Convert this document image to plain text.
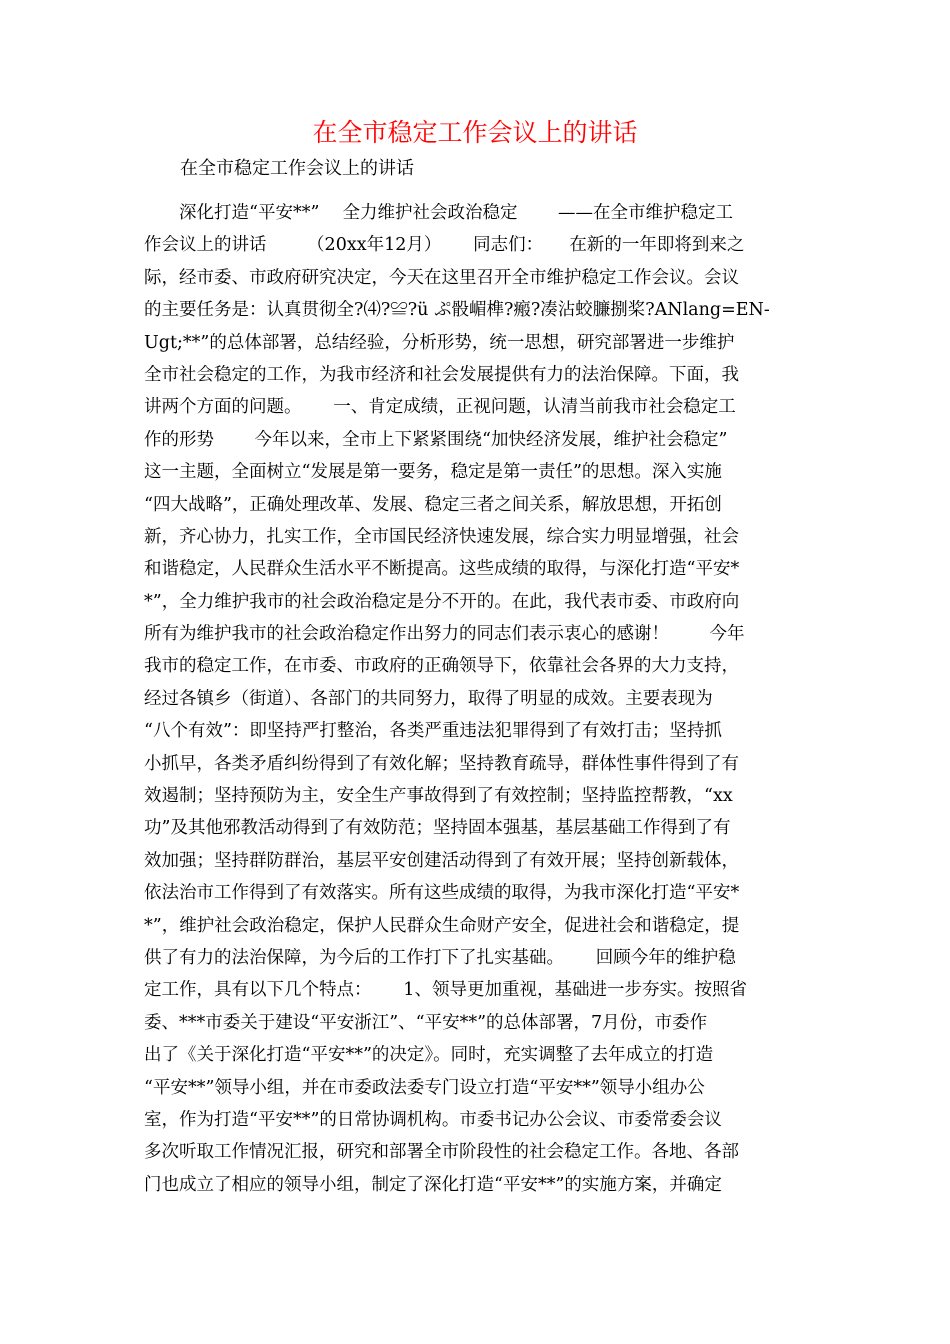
在全市稳定工作会议上的讲话
在全市稳定工作会议上的讲话
　　深化打造“平安**”　 全力维护社会政治稳定　　 ——在全市维护稳定工
作会议上的讲话　　 （20xx年12月）　　 同志们：　　在新的一年即将到来之
际，经市委、市政府研究决定，今天在这里召开全市维护稳定工作会议。会议
的主要任务是：认真贯彻全?⑷?≌?ü ぷ骰嵋榫?瘢?凑沾蛟臁捌桨?ANlang=EN-
Ugt;**”的总体部署，总结经验，分析形势，统一思想，研究部署进一步维护
全市社会稳定的工作，为我市经济和社会发展提供有力的法治保障。下面，我
讲两个方面的问题。　　 一、肯定成绩，正视问题，认清当前我市社会稳定工
作的形势　　 今年以来，全市上下紧紧围绕“加快经济发展，维护社会稳定”
这一主题，全面树立“发展是第一要务，稳定是第一责任”的思想。深入实施
“四大战略”，正确处理改革、发展、稳定三者之间关系，解放思想，开拓创
新，齐心协力，扎实工作，全市国民经济快速发展，综合实力明显增强，社会
和谐稳定，人民群众生活水平不断提高。这些成绩的取得，与深化打造“平安*
*”，全力维护我市的社会政治稳定是分不开的。在此，我代表市委、市政府向
所有为维护我市的社会政治稳定作出努力的同志们表示衷心的感谢！　　 今年
我市的稳定工作，在市委、市政府的正确领导下，依靠社会各界的大力支持，
经过各镇乡（街道）、各部门的共同努力，取得了明显的成效。主要表现为
“八个有效”：即坚持严打整治，各类严重违法犯罪得到了有效打击；坚持抓
小抓早，各类矛盾纠纷得到了有效化解；坚持教育疏导，群体性事件得到了有
效遏制；坚持预防为主，安全生产事故得到了有效控制；坚持监控帮教，“xx
功”及其他邪教活动得到了有效防范；坚持固本强基，基层基础工作得到了有
效加强；坚持群防群治，基层平安创建活动得到了有效开展；坚持创新载体，
依法治市工作得到了有效落实。所有这些成绩的取得，为我市深化打造“平安*
*”，维护社会政治稳定，保护人民群众生命财产安全，促进社会和谐稳定，提
供了有力的法治保障，为今后的工作打下了扎实基础。　　 回顾今年的维护稳
定工作，具有以下几个特点：　　 1、领导更加重视，基础进一步夯实。按照省
委、***市委关于建设“平安浙江”、“平安**”的总体部署，7月份，市委作
出了《关于深化打造“平安**”的决定》。同时，充实调整了去年成立的打造
“平安**”领导小组，并在市委政法委专门设立打造“平安**”领导小组办公
室，作为打造“平安**”的日常协调机构。市委书记办公会议、市委常委会议
多次听取工作情况汇报，研究和部署全市阶段性的社会稳定工作。各地、各部
门也成立了相应的领导小组，制定了深化打造“平安**”的实施方案，并确定
